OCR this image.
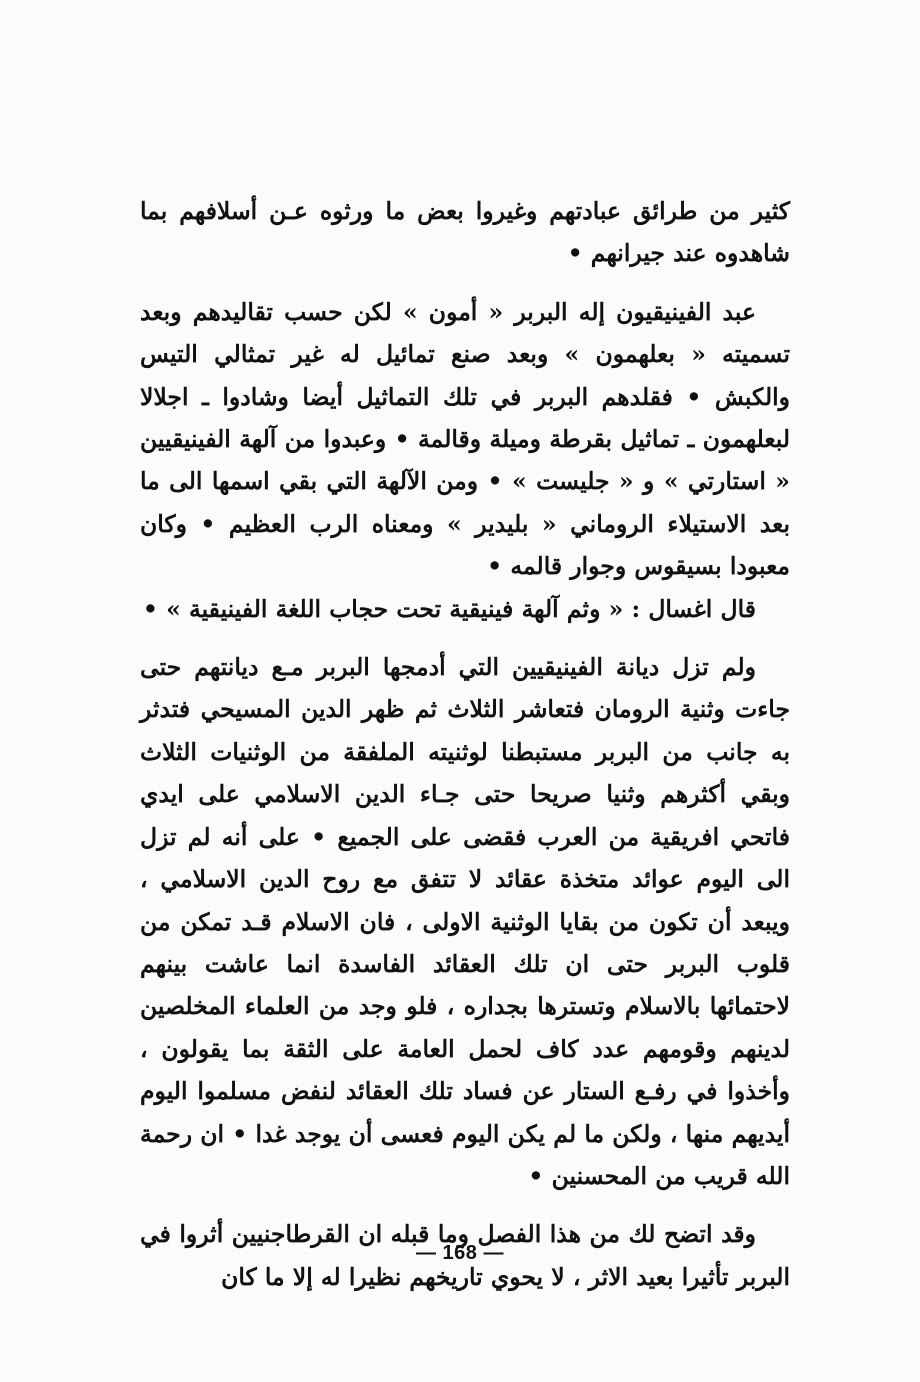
كثير من طرائق عبادتهم وغيروا بعض ما ورثوه عـن أسلافهم بما شاهدوه عند جيرانهم •

عبد الفينيقيون إله البربر « أمون » لكن حسب تقاليدهم وبعد تسميته « بعلهمون » وبعد صنع تمائيل له غير تمثالي التيس والكبش • فقلدهم البربر في تلك التماثيل أيضا وشادوا ـ اجلالا لبعلهمون ـ تماثيل بقرطة وميلة وقالمة • وعبدوا من آلهة الفينيقيين « استارتي » و « جليست » • ومن الآلهة التي بقي اسمها الى ما بعد الاستيلاء الروماني « بليدير » ومعناه الرب العظيم • وكان معبودا بسيقوس وجوار قالمه •

قال اغسال : « وثم آلهة فينيقية تحت حجاب اللغة الفينيقية » •

ولم تزل ديانة الفينيقيين التي أدمجها البربر مـع ديانتهم حتى جاءت وثنية الرومان فتعاشر الثلاث ثم ظهر الدين المسيحي فتدثر به جانب من البربر مستبطنا لوثنيته الملفقة من الوثنيات الثلاث وبقي أكثرهم وثنيا صريحا حتى جـاء الدين الاسلامي على ايدي فاتحي افريقية من العرب فقضى على الجميع • على أنه لم تزل الى اليوم عوائد متخذة عقائد لا تتفق مع روح الدين الاسلامي ، ويبعد أن تكون من بقايا الوثنية الاولى ، فان الاسلام قـد تمكن من قلوب البربر حتى ان تلك العقائد الفاسدة انما عاشت بينهم لاحتمائها بالاسلام وتسترها بجداره ، فلو وجد من العلماء المخلصين لدينهم وقومهم عدد كاف لحمل العامة على الثقة بما يقولون ، وأخذوا في رفـع الستار عن فساد تلك العقائد لنفض مسلموا اليوم أيديهم منها ، ولكن ما لم يكن اليوم فعسى أن يوجد غدا • ان رحمة الله قريب من المحسنين •

وقد اتضح لك من هذا الفصل وما قبله ان القرطاجنيين أثروا في البربر تأثيرا بعيد الاثر ، لا يحوي تاريخهم نظيرا له إلا ما كان

— 168 —
